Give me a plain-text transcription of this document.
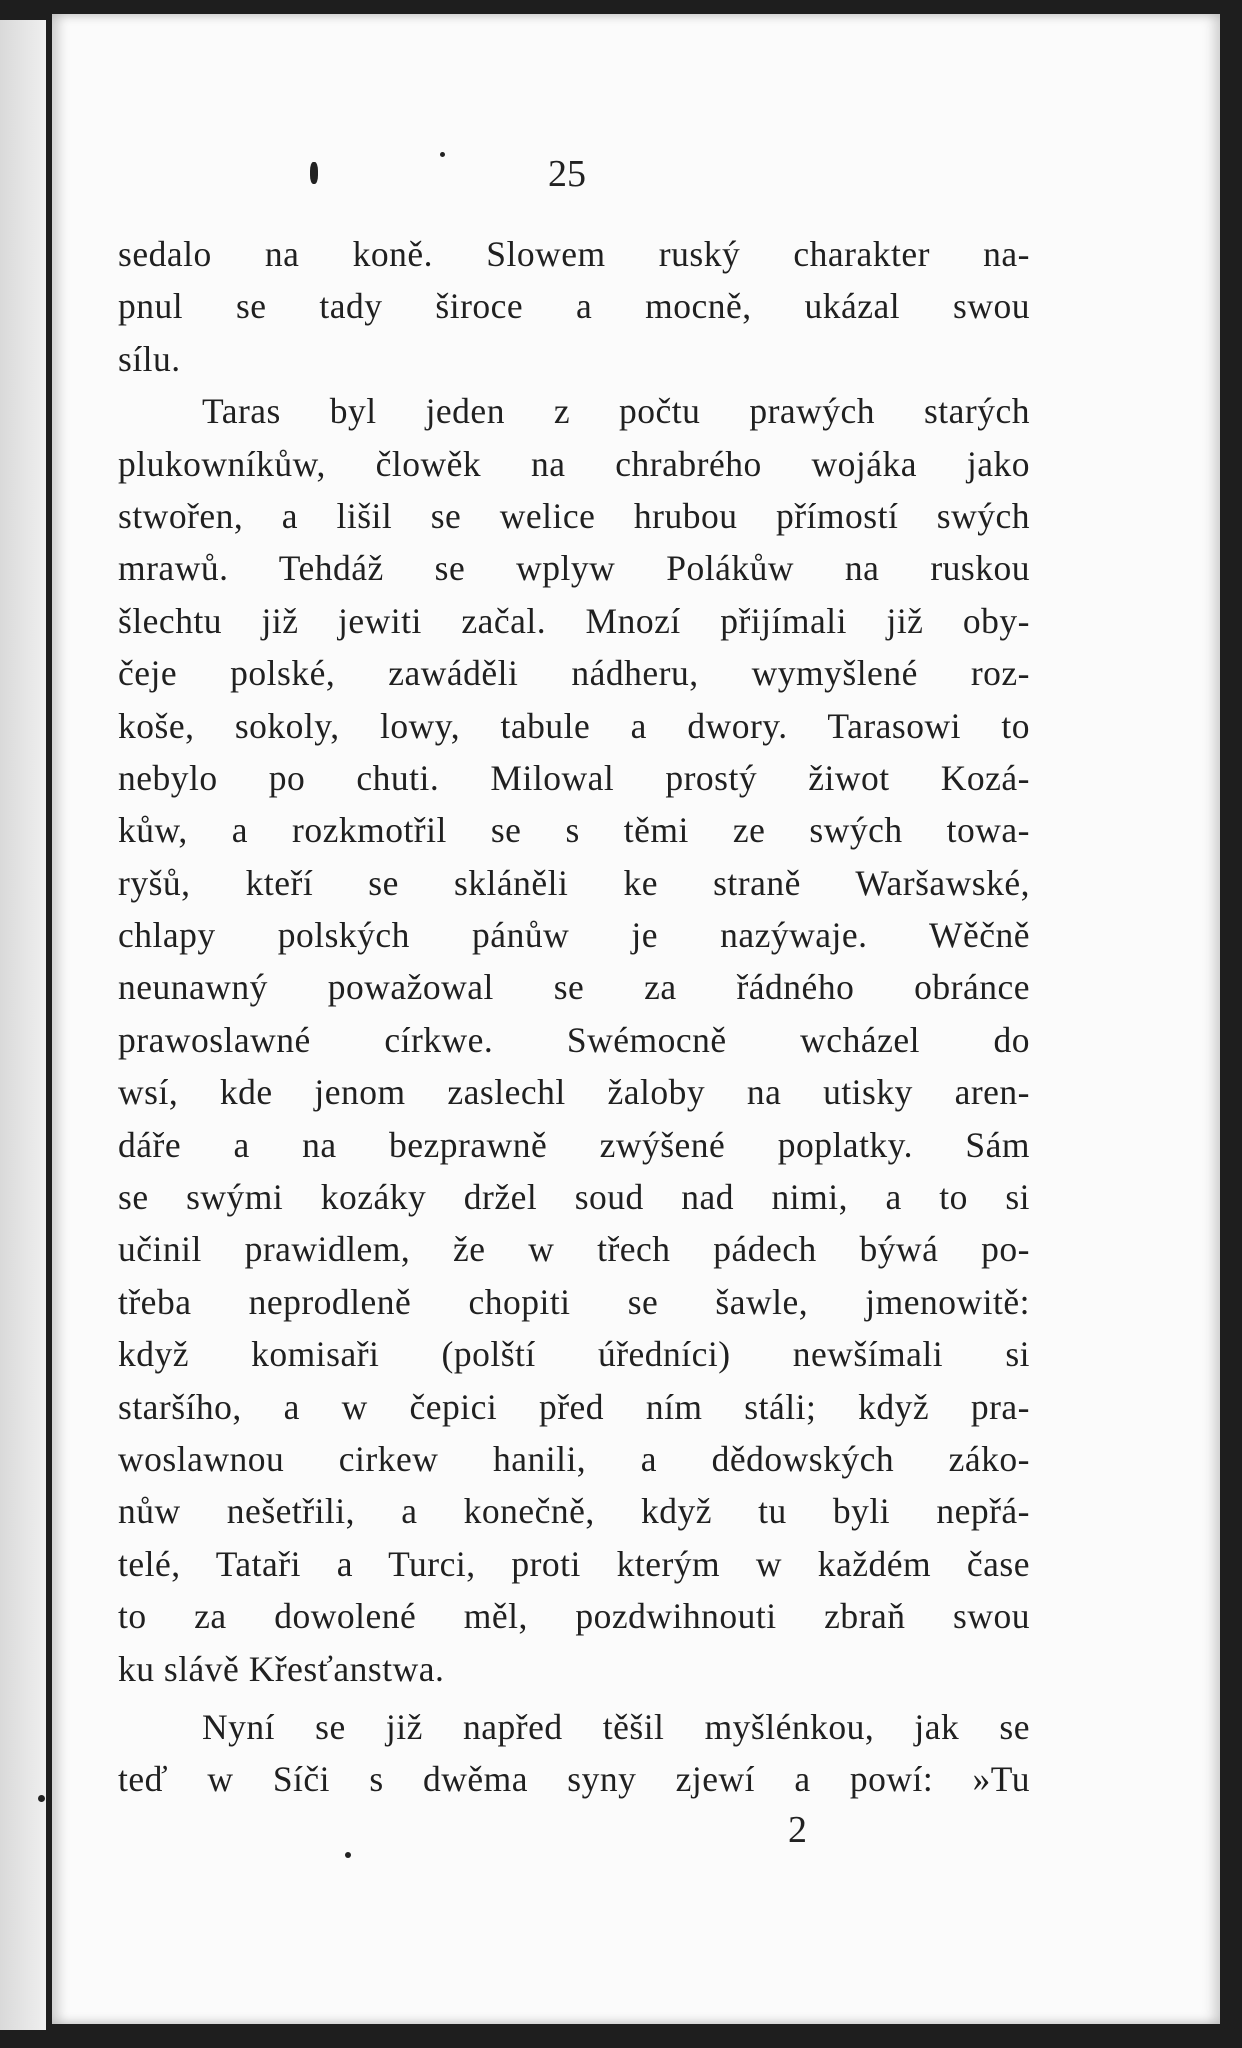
25
sedalo na koně. Slowem ruský charakter na-
pnul se tady široce a mocně, ukázal swou
sílu.
Taras byl jeden z počtu prawých starých
plukowníkůw, člowěk na chrabrého wojáka jako
stwořen, a lišil se welice hrubou přímostí swých
mrawů. Tehdáž se wplyw Polákůw na ruskou
šlechtu již jewiti začal. Mnozí přijímali již oby-
čeje polské, zawáděli nádheru, wymyšlené roz-
koše, sokoly, lowy, tabule a dwory. Tarasowi to
nebylo po chuti. Milowal prostý žiwot Kozá-
kůw, a rozkmotřil se s těmi ze swých towa-
ryšů, kteří se skláněli ke straně Waršawské,
chlapy polských pánůw je nazýwaje. Wěčně
neunawný powažowal se za řádného obránce
prawoslawné církwe. Swémocně wcházel do
wsí, kde jenom zaslechl žaloby na utisky aren-
dáře a na bezprawně zwýšené poplatky. Sám
se swými kozáky držel soud nad nimi, a to si
učinil prawidlem, že w třech pádech býwá po-
třeba neprodleně chopiti se šawle, jmenowitě:
když komisaři (polští úředníci) newšímali si
staršího, a w čepici před ním stáli; když pra-
woslawnou cirkew hanili, a dědowských záko-
nůw nešetřili, a konečně, když tu byli nepřá-
telé, Tataři a Turci, proti kterým w každém čase
to za dowolené měl, pozdwihnouti zbraň swou
ku slávě Křesťanstwa.
Nyní se již napřed těšil myšlénkou, jak se
teď w Síči s dwěma syny zjewí a powí: »Tu
2
